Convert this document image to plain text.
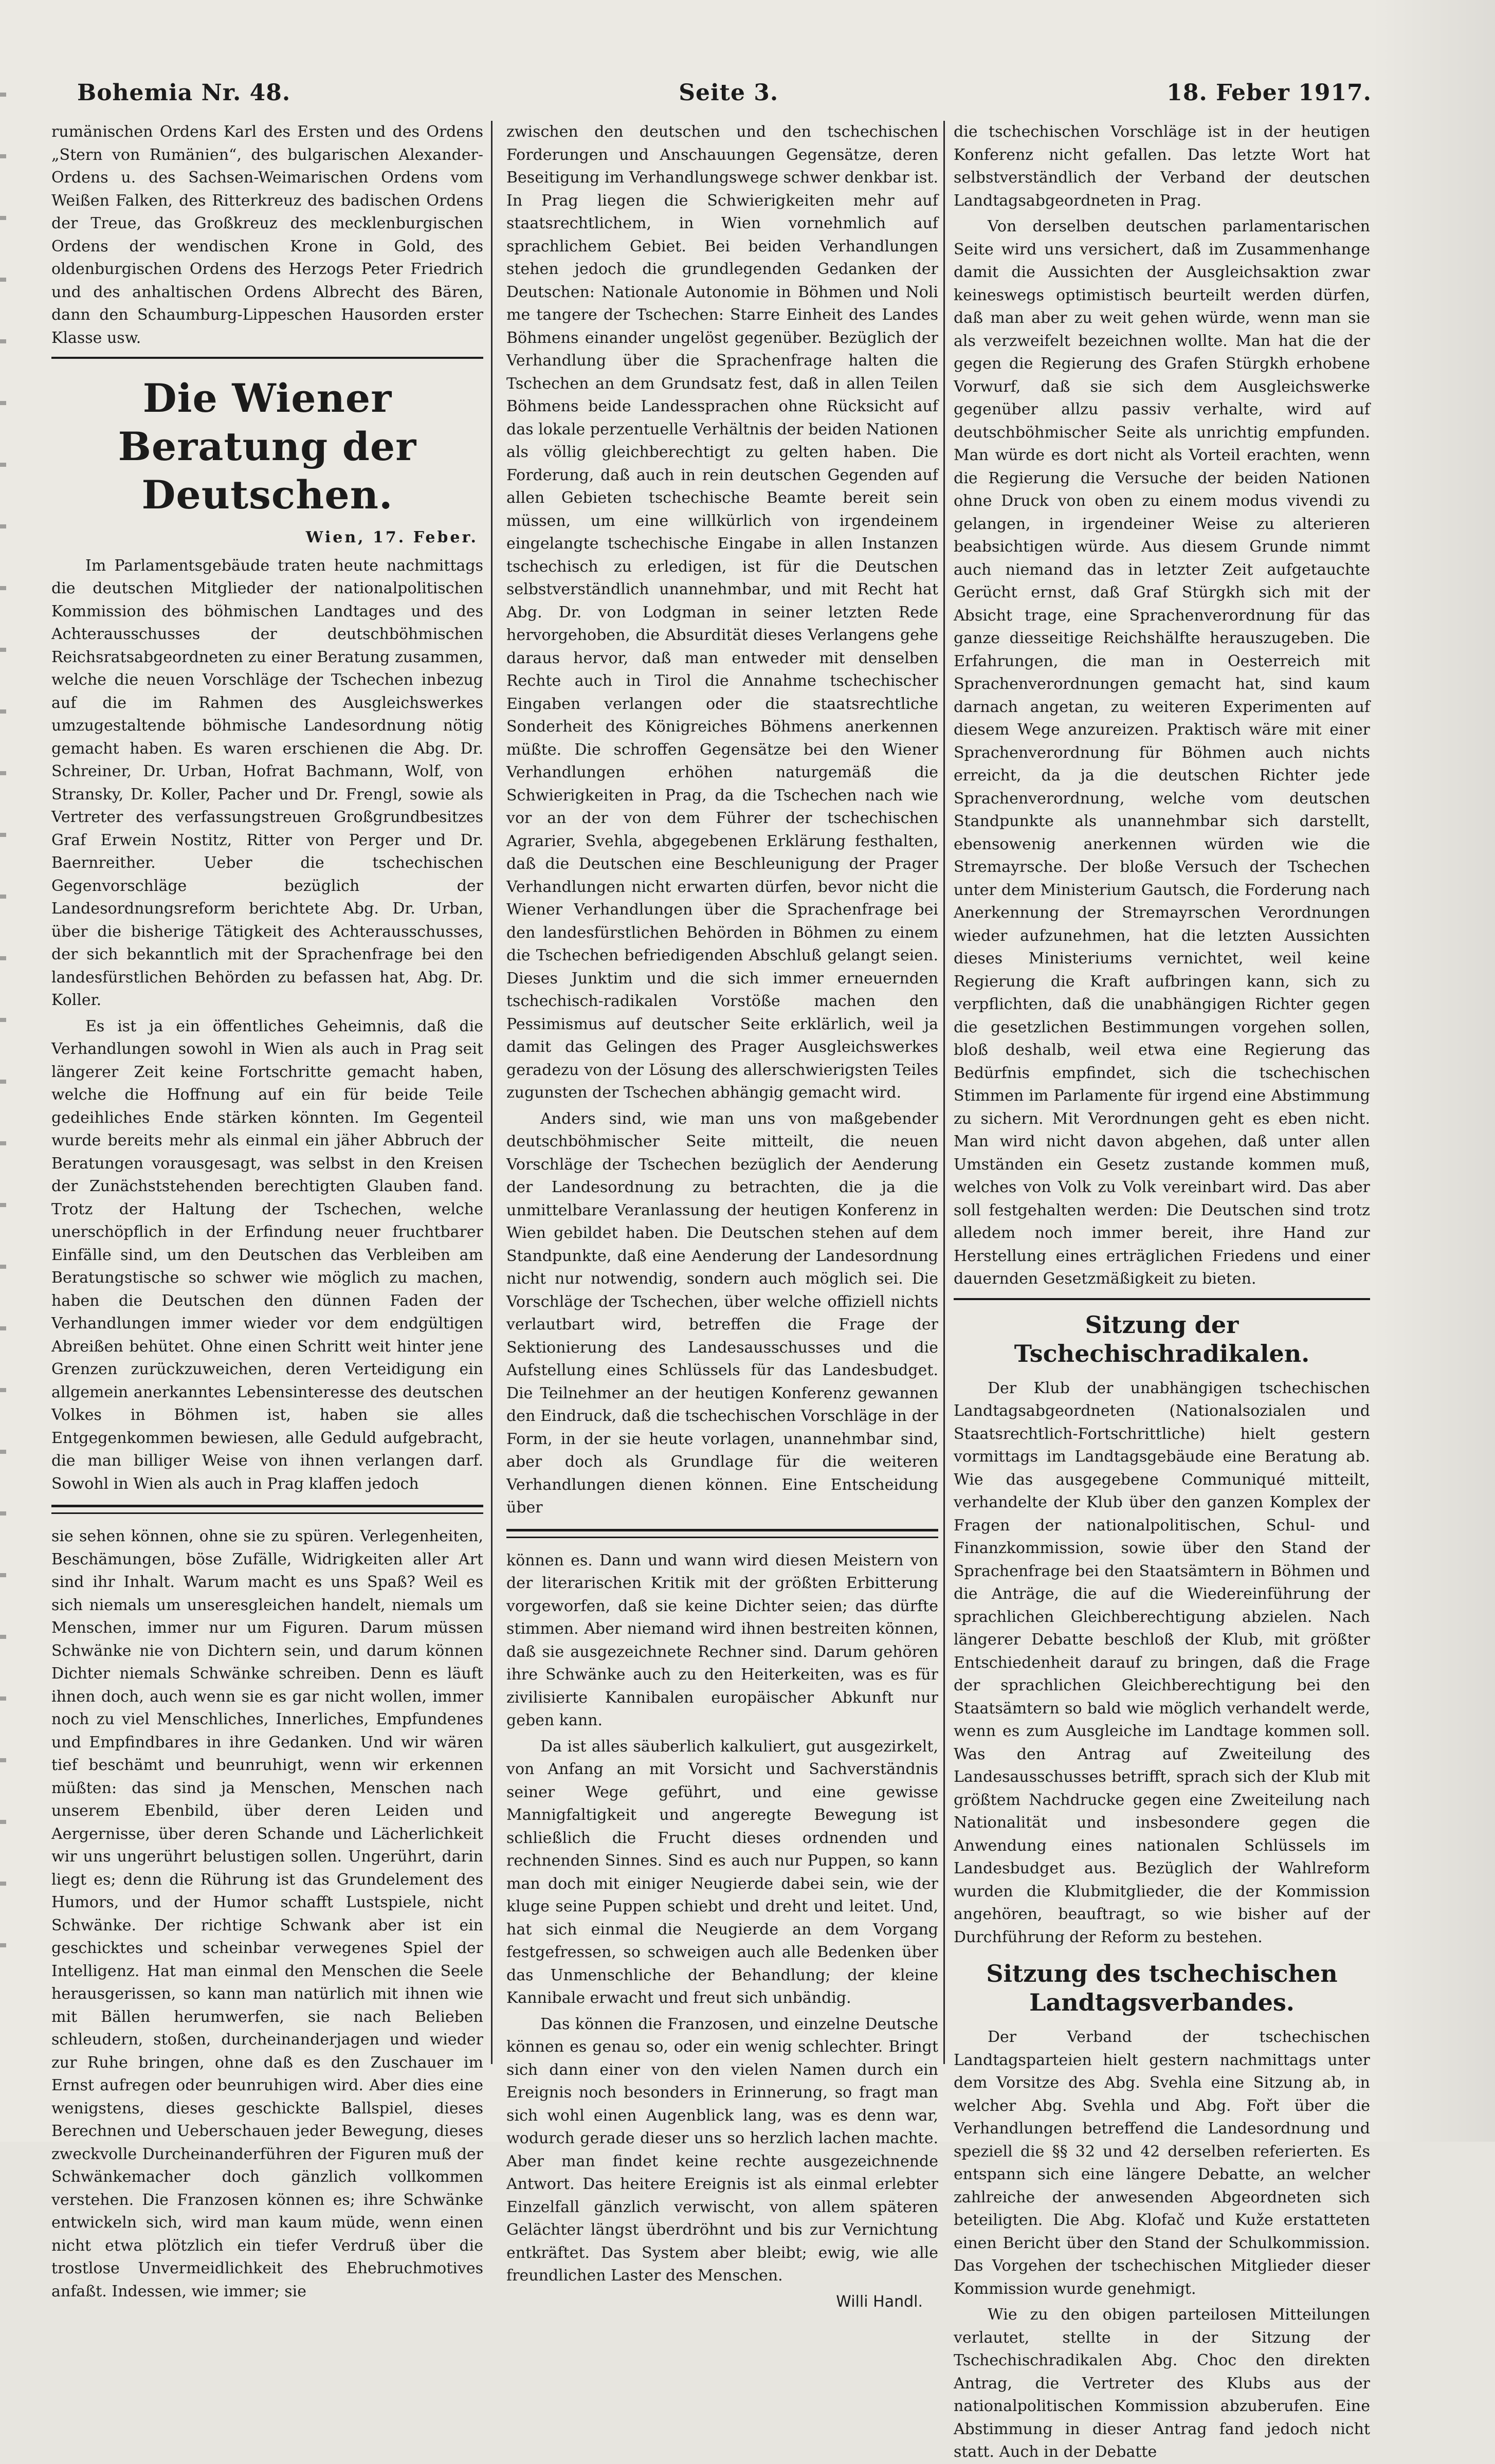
Bohemia Nr. 48.	Seite 3.	18. Feber 1917.

rumänischen Ordens Karl des Ersten und des Ordens „Stern von Rumänien“, des bulgarischen Alexander-Ordens u. des Sachsen-Weimarischen Ordens vom Weißen Falken, des Ritterkreuz des badischen Ordens der Treue, das Großkreuz des mecklenburgischen Ordens der wendischen Krone in Gold, des oldenburgischen Ordens des Herzogs Peter Friedrich und des anhaltischen Ordens Albrecht des Bären, dann den Schaumburg-Lippeschen Hausorden erster Klasse usw.

Die Wiener Beratung der Deutschen.
Wien, 17. Feber.

Im Parlamentsgebäude traten heute nachmittags die deutschen Mitglieder der nationalpolitischen Kommission des böhmischen Landtages und des Achterausschusses der deutschböhmischen Reichsratsabgeordneten zu einer Beratung zusammen, welche die neuen Vorschläge der Tschechen inbezug auf die im Rahmen des Ausgleichswerkes umzugestaltende böhmische Landesordnung nötig gemacht haben. Es waren erschienen die Abg. Dr. Schreiner, Dr. Urban, Hofrat Bachmann, Wolf, von Stransky, Dr. Koller, Pacher und Dr. Frengl, sowie als Vertreter des verfassungstreuen Großgrundbesitzes Graf Erwein Nostitz, Ritter von Perger und Dr. Baernreither. Ueber die tschechischen Gegenvorschläge bezüglich der Landesordnungsreform berichtete Abg. Dr. Urban, über die bisherige Tätigkeit des Achterausschusses, der sich bekanntlich mit der Sprachenfrage bei den landesfürstlichen Behörden zu befassen hat, Abg. Dr. Koller.

Es ist ja ein öffentliches Geheimnis, daß die Verhandlungen sowohl in Wien als auch in Prag seit längerer Zeit keine Fortschritte gemacht haben, welche die Hoffnung auf ein für beide Teile gedeihliches Ende stärken könnten. Im Gegenteil wurde bereits mehr als einmal ein jäher Abbruch der Beratungen vorausgesagt, was selbst in den Kreisen der Zunächststehenden berechtigten Glauben fand. Trotz der Haltung der Tschechen, welche unerschöpflich in der Erfindung neuer fruchtbarer Einfälle sind, um den Deutschen das Verbleiben am Beratungstische so schwer wie möglich zu machen, haben die Deutschen den dünnen Faden der Verhandlungen immer wieder vor dem endgültigen Abreißen behütet. Ohne einen Schritt weit hinter jene Grenzen zurückzuweichen, deren Verteidigung ein allgemein anerkanntes Lebensinteresse des deutschen Volkes in Böhmen ist, haben sie alles Entgegenkommen bewiesen, alle Geduld aufgebracht, die man billiger Weise von ihnen verlangen darf. Sowohl in Wien als auch in Prag klaffen jedoch

sie sehen können, ohne sie zu spüren. Verlegenheiten, Beschämungen, böse Zufälle, Widrigkeiten aller Art sind ihr Inhalt. Warum macht es uns Spaß? Weil es sich niemals um unseresgleichen handelt, niemals um Menschen, immer nur um Figuren. Darum müssen Schwänke nie von Dichtern sein, und darum können Dichter niemals Schwänke schreiben. Denn es läuft ihnen doch, auch wenn sie es gar nicht wollen, immer noch zu viel Menschliches, Innerliches, Empfundenes und Empfindbares in ihre Gedanken. Und wir wären tief beschämt und beunruhigt, wenn wir erkennen müßten: das sind ja Menschen, Menschen nach unserem Ebenbild, über deren Leiden und Aergernisse, über deren Schande und Lächerlichkeit wir uns ungerührt belustigen sollen. Ungerührt, darin liegt es; denn die Rührung ist das Grundelement des Humors, und der Humor schafft Lustspiele, nicht Schwänke. Der richtige Schwank aber ist ein geschicktes und scheinbar verwegenes Spiel der Intelligenz. Hat man einmal den Menschen die Seele herausgerissen, so kann man natürlich mit ihnen wie mit Bällen herumwerfen, sie nach Belieben schleudern, stoßen, durcheinanderjagen und wieder zur Ruhe bringen, ohne daß es den Zuschauer im Ernst aufregen oder beunruhigen wird. Aber dies eine wenigstens, dieses geschickte Ballspiel, dieses Berechnen und Ueberschauen jeder Bewegung, dieses zweckvolle Durcheinanderführen der Figuren muß der Schwänkemacher doch gänzlich vollkommen verstehen. Die Franzosen können es; ihre Schwänke entwickeln sich, wird man kaum müde, wenn einen nicht etwa plötzlich ein tiefer Verdruß über die trostlose Unvermeidlichkeit des Ehebruchmotives anfaßt. Indessen, wie immer; sie

zwischen den deutschen und den tschechischen Forderungen und Anschauungen Gegensätze, deren Beseitigung im Verhandlungswege schwer denkbar ist. In Prag liegen die Schwierigkeiten mehr auf staatsrechtlichem, in Wien vornehmlich auf sprachlichem Gebiet. Bei beiden Verhandlungen stehen jedoch die grundlegenden Gedanken der Deutschen: Nationale Autonomie in Böhmen und Noli me tangere der Tschechen: Starre Einheit des Landes Böhmens einander ungelöst gegenüber. Bezüglich der Verhandlung über die Sprachenfrage halten die Tschechen an dem Grundsatz fest, daß in allen Teilen Böhmens beide Landessprachen ohne Rücksicht auf das lokale perzentuelle Verhältnis der beiden Nationen als völlig gleichberechtigt zu gelten haben. Die Forderung, daß auch in rein deutschen Gegenden auf allen Gebieten tschechische Beamte bereit sein müssen, um eine willkürlich von irgendeinem eingelangte tschechische Eingabe in allen Instanzen tschechisch zu erledigen, ist für die Deutschen selbstverständlich unannehmbar, und mit Recht hat Abg. Dr. von Lodgman in seiner letzten Rede hervorgehoben, die Absurdität dieses Verlangens gehe daraus hervor, daß man entweder mit denselben Rechte auch in Tirol die Annahme tschechischer Eingaben verlangen oder die staatsrechtliche Sonderheit des Königreiches Böhmens anerkennen müßte. Die schroffen Gegensätze bei den Wiener Verhandlungen erhöhen naturgemäß die Schwierigkeiten in Prag, da die Tschechen nach wie vor an der von dem Führer der tschechischen Agrarier, Svehla, abgegebenen Erklärung festhalten, daß die Deutschen eine Beschleunigung der Prager Verhandlungen nicht erwarten dürfen, bevor nicht die Wiener Verhandlungen über die Sprachenfrage bei den landesfürstlichen Behörden in Böhmen zu einem die Tschechen befriedigenden Abschluß gelangt seien. Dieses Junktim und die sich immer erneuernden tschechisch-radikalen Vorstöße machen den Pessimismus auf deutscher Seite erklärlich, weil ja damit das Gelingen des Prager Ausgleichswerkes geradezu von der Lösung des allerschwierigsten Teiles zugunsten der Tschechen abhängig gemacht wird.

Anders sind, wie man uns von maßgebender deutschböhmischer Seite mitteilt, die neuen Vorschläge der Tschechen bezüglich der Aenderung der Landesordnung zu betrachten, die ja die unmittelbare Veranlassung der heutigen Konferenz in Wien gebildet haben. Die Deutschen stehen auf dem Standpunkte, daß eine Aenderung der Landesordnung nicht nur notwendig, sondern auch möglich sei. Die Vorschläge der Tschechen, über welche offiziell nichts verlautbart wird, betreffen die Frage der Sektionierung des Landesausschusses und die Aufstellung eines Schlüssels für das Landesbudget. Die Teilnehmer an der heutigen Konferenz gewannen den Eindruck, daß die tschechischen Vorschläge in der Form, in der sie heute vorlagen, unannehmbar sind, aber doch als Grundlage für die weiteren Verhandlungen dienen können. Eine Entscheidung über

können es. Dann und wann wird diesen Meistern von der literarischen Kritik mit der größten Erbitterung vorgeworfen, daß sie keine Dichter seien; das dürfte stimmen. Aber niemand wird ihnen bestreiten können, daß sie ausgezeichnete Rechner sind. Darum gehören ihre Schwänke auch zu den Heiterkeiten, was es für zivilisierte Kannibalen europäischer Abkunft nur geben kann.

Da ist alles säuberlich kalkuliert, gut ausgezirkelt, von Anfang an mit Vorsicht und Sachverständnis seiner Wege geführt, und eine gewisse Mannigfaltigkeit und angeregte Bewegung ist schließlich die Frucht dieses ordnenden und rechnenden Sinnes. Sind es auch nur Puppen, so kann man doch mit einiger Neugierde dabei sein, wie der kluge seine Puppen schiebt und dreht und leitet. Und, hat sich einmal die Neugierde an dem Vorgang festgefressen, so schweigen auch alle Bedenken über das Unmenschliche der Behandlung; der kleine Kannibale erwacht und freut sich unbändig.

Das können die Franzosen, und einzelne Deutsche können es genau so, oder ein wenig schlechter. Bringt sich dann einer von den vielen Namen durch ein Ereignis noch besonders in Erinnerung, so fragt man sich wohl einen Augenblick lang, was es denn war, wodurch gerade dieser uns so herzlich lachen machte. Aber man findet keine rechte ausgezeichnende Antwort. Das heitere Ereignis ist als einmal erlebter Einzelfall gänzlich verwischt, von allem späteren Gelächter längst überdröhnt und bis zur Vernichtung entkräftet. Das System aber bleibt; ewig, wie alle freundlichen Laster des Menschen.

Willi Handl.

die tschechischen Vorschläge ist in der heutigen Konferenz nicht gefallen. Das letzte Wort hat selbstverständlich der Verband der deutschen Landtagsabgeordneten in Prag.

Von derselben deutschen parlamentarischen Seite wird uns versichert, daß im Zusammenhange damit die Aussichten der Ausgleichsaktion zwar keineswegs optimistisch beurteilt werden dürfen, daß man aber zu weit gehen würde, wenn man sie als verzweifelt bezeichnen wollte. Man hat die der gegen die Regierung des Grafen Stürgkh erhobene Vorwurf, daß sie sich dem Ausgleichswerke gegenüber allzu passiv verhalte, wird auf deutschböhmischer Seite als unrichtig empfunden. Man würde es dort nicht als Vorteil erachten, wenn die Regierung die Versuche der beiden Nationen ohne Druck von oben zu einem modus vivendi zu gelangen, in irgendeiner Weise zu alterieren beabsichtigen würde. Aus diesem Grunde nimmt auch niemand das in letzter Zeit aufgetauchte Gerücht ernst, daß Graf Stürgkh sich mit der Absicht trage, eine Sprachenverordnung für das ganze diesseitige Reichshälfte herauszugeben. Die Erfahrungen, die man in Oesterreich mit Sprachenverordnungen gemacht hat, sind kaum darnach angetan, zu weiteren Experimenten auf diesem Wege anzureizen. Praktisch wäre mit einer Sprachenverordnung für Böhmen auch nichts erreicht, da ja die deutschen Richter jede Sprachenverordnung, welche vom deutschen Standpunkte als unannehmbar sich darstellt, ebensowenig anerkennen würden wie die Stremayrsche. Der bloße Versuch der Tschechen unter dem Ministerium Gautsch, die Forderung nach Anerkennung der Stremayrschen Verordnungen wieder aufzunehmen, hat die letzten Aussichten dieses Ministeriums vernichtet, weil keine Regierung die Kraft aufbringen kann, sich zu verpflichten, daß die unabhängigen Richter gegen die gesetzlichen Bestimmungen vorgehen sollen, bloß deshalb, weil etwa eine Regierung das Bedürfnis empfindet, sich die tschechischen Stimmen im Parlamente für irgend eine Abstimmung zu sichern. Mit Verordnungen geht es eben nicht. Man wird nicht davon abgehen, daß unter allen Umständen ein Gesetz zustande kommen muß, welches von Volk zu Volk vereinbart wird. Das aber soll festgehalten werden: Die Deutschen sind trotz alledem noch immer bereit, ihre Hand zur Herstellung eines erträglichen Friedens und einer dauernden Gesetzmäßigkeit zu bieten.

Sitzung der Tschechischradikalen.

Der Klub der unabhängigen tschechischen Landtagsabgeordneten (Nationalsozialen und Staatsrechtlich-Fortschrittliche) hielt gestern vormittags im Landtagsgebäude eine Beratung ab. Wie das ausgegebene Communiqué mitteilt, verhandelte der Klub über den ganzen Komplex der Fragen der nationalpolitischen, Schul- und Finanzkommission, sowie über den Stand der Sprachenfrage bei den Staatsämtern in Böhmen und die Anträge, die auf die Wiedereinführung der sprachlichen Gleichberechtigung abzielen. Nach längerer Debatte beschloß der Klub, mit größter Entschiedenheit darauf zu bringen, daß die Frage der sprachlichen Gleichberechtigung bei den Staatsämtern so bald wie möglich verhandelt werde, wenn es zum Ausgleiche im Landtage kommen soll. Was den Antrag auf Zweiteilung des Landesausschusses betrifft, sprach sich der Klub mit größtem Nachdrucke gegen eine Zweiteilung nach Nationalität und insbesondere gegen die Anwendung eines nationalen Schlüssels im Landesbudget aus. Bezüglich der Wahlreform wurden die Klubmitglieder, die der Kommission angehören, beauftragt, so wie bisher auf der Durchführung der Reform zu bestehen.

Sitzung des tschechischen Landtagsverbandes.

Der Verband der tschechischen Landtagsparteien hielt gestern nachmittags unter dem Vorsitze des Abg. Svehla eine Sitzung ab, in welcher Abg. Svehla und Abg. Fořt über die Verhandlungen betreffend die Landesordnung und speziell die §§ 32 und 42 derselben referierten. Es entspann sich eine längere Debatte, an welcher zahlreiche der anwesenden Abgeordneten sich beteiligten. Die Abg. Klofač und Kuže erstatteten einen Bericht über den Stand der Schulkommission. Das Vorgehen der tschechischen Mitglieder dieser Kommission wurde genehmigt.

Wie zu den obigen parteilosen Mitteilungen verlautet, stellte in der Sitzung der Tschechischradikalen Abg. Choc den direkten Antrag, die Vertreter des Klubs aus der nationalpolitischen Kommission abzuberufen. Eine Abstimmung in dieser Antrag fand jedoch nicht statt. Auch in der Debatte
